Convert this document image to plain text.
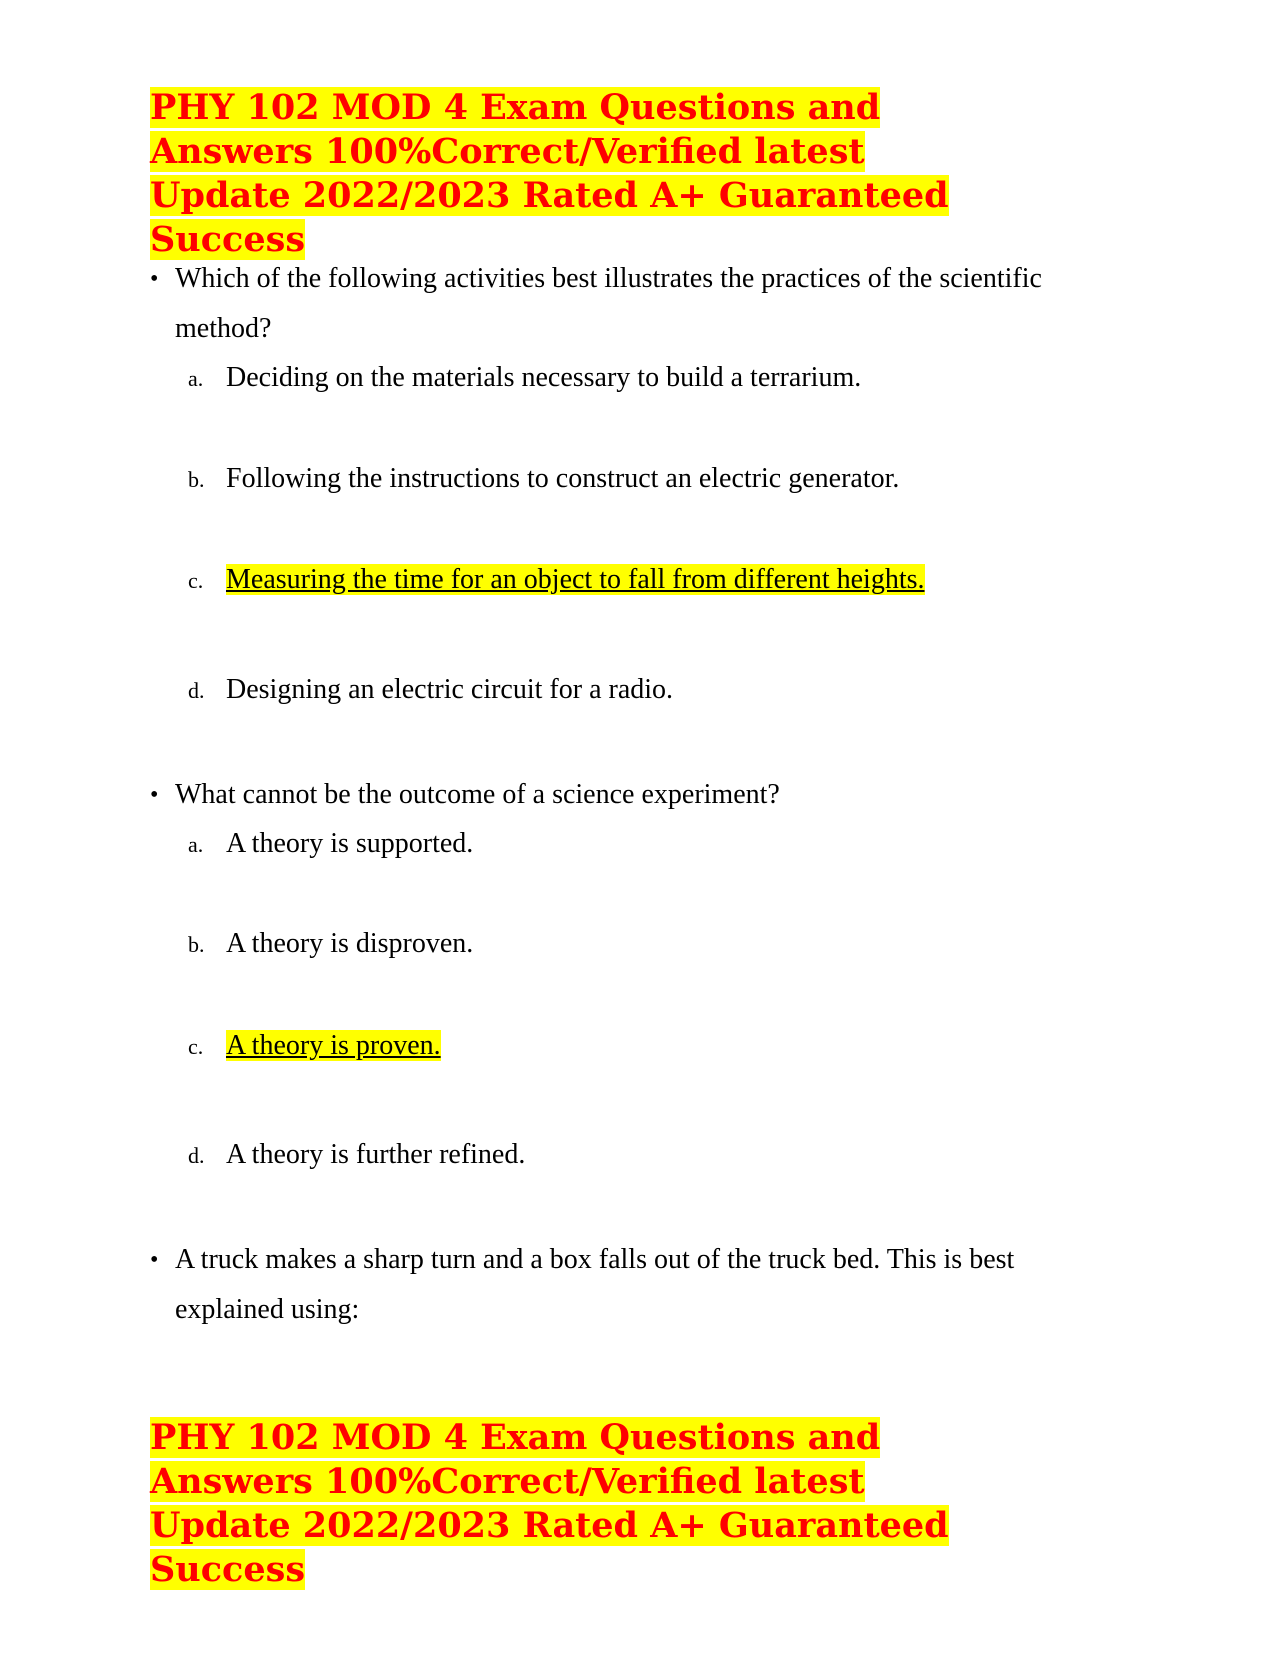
PHY 102 MOD 4 Exam Questions and
Answers 100%Correct/Verified latest
Update 2022/2023 Rated A+ Guaranteed
Success
• Which of the following activities best illustrates the practices of the scientific method?
a. Deciding on the materials necessary to build a terrarium.
b. Following the instructions to construct an electric generator.
c. Measuring the time for an object to fall from different heights.
d. Designing an electric circuit for a radio.
• What cannot be the outcome of a science experiment?
a. A theory is supported.
b. A theory is disproven.
c. A theory is proven.
d. A theory is further refined.
• A truck makes a sharp turn and a box falls out of the truck bed. This is best explained using:
PHY 102 MOD 4 Exam Questions and
Answers 100%Correct/Verified latest
Update 2022/2023 Rated A+ Guaranteed
Success
